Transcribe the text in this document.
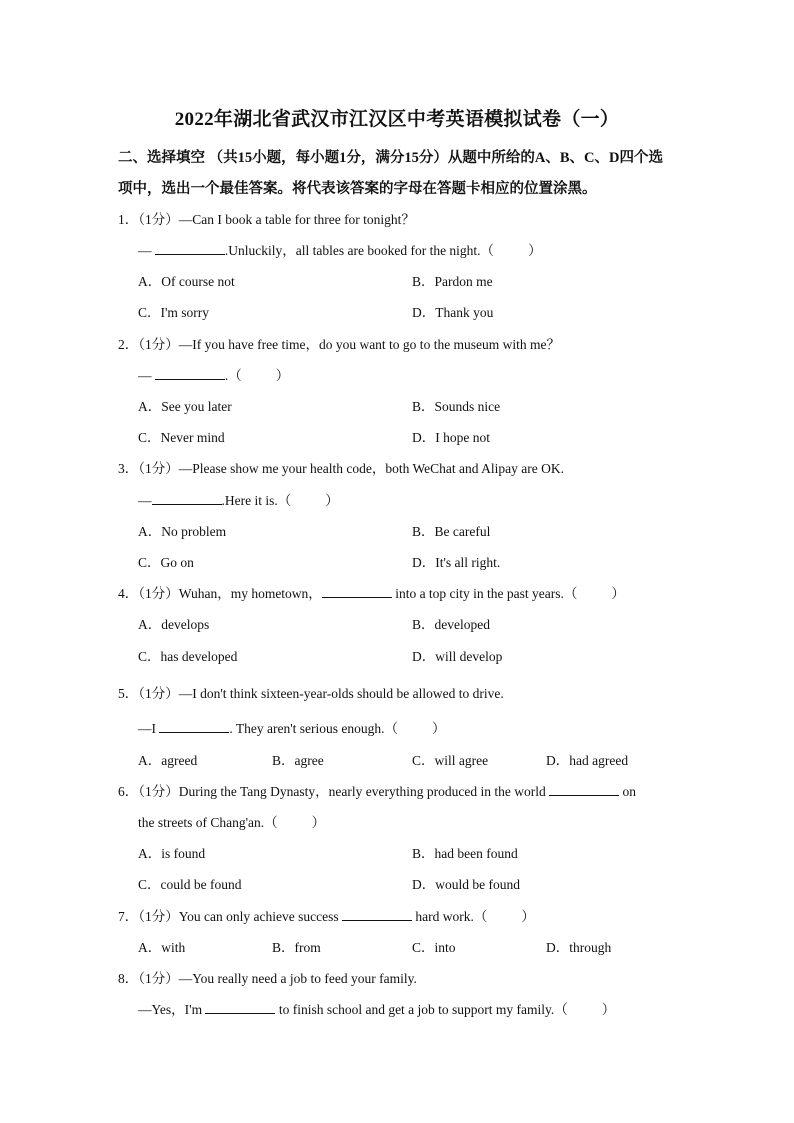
2022年湖北省武汉市江汉区中考英语模拟试卷（一）
二、选择填空 （共15小题，每小题1分，满分15分）从题中所给的A、B、C、D四个选
项中，选出一个最佳答案。将代表该答案的字母在答题卡相应的位置涂黑。
1．（1分）—Can I book a table for three for tonight？
—	.Unluckily，all tables are booked for the night.（	）
A．Of course not	B．Pardon me
C．I'm sorry	D．Thank you
2．（1分）—If you have free time，do you want to go to the museum with me？
—	.（	）
A．See you later	B．Sounds nice
C．Never mind	D．I hope not
3．（1分）—Please show me your health code，both WeChat and Alipay are OK.
—	.Here it is.（	）
A．No problem	B．Be careful
C．Go on	D．It's all right.
4．（1分）Wuhan，my hometown，	into a top city in the past years.（	）
A．develops	B．developed
C．has developed	D．will develop
5．（1分）—I don't think sixteen-year-olds should be allowed to drive.
—I	. They aren't serious enough.（	）
A．agreed	B．agree	C．will agree	D．had agreed
6．（1分）During the Tang Dynasty，nearly everything produced in the world	on
the streets of Chang'an.（	）
A．is found	B．had been found
C．could be found	D．would be found
7．（1分）You can only achieve success	hard work.（	）
A．with	B．from	C．into	D．through
8．（1分）—You really need a job to feed your family.
—Yes，I'm	to finish school and get a job to support my family.（	）
